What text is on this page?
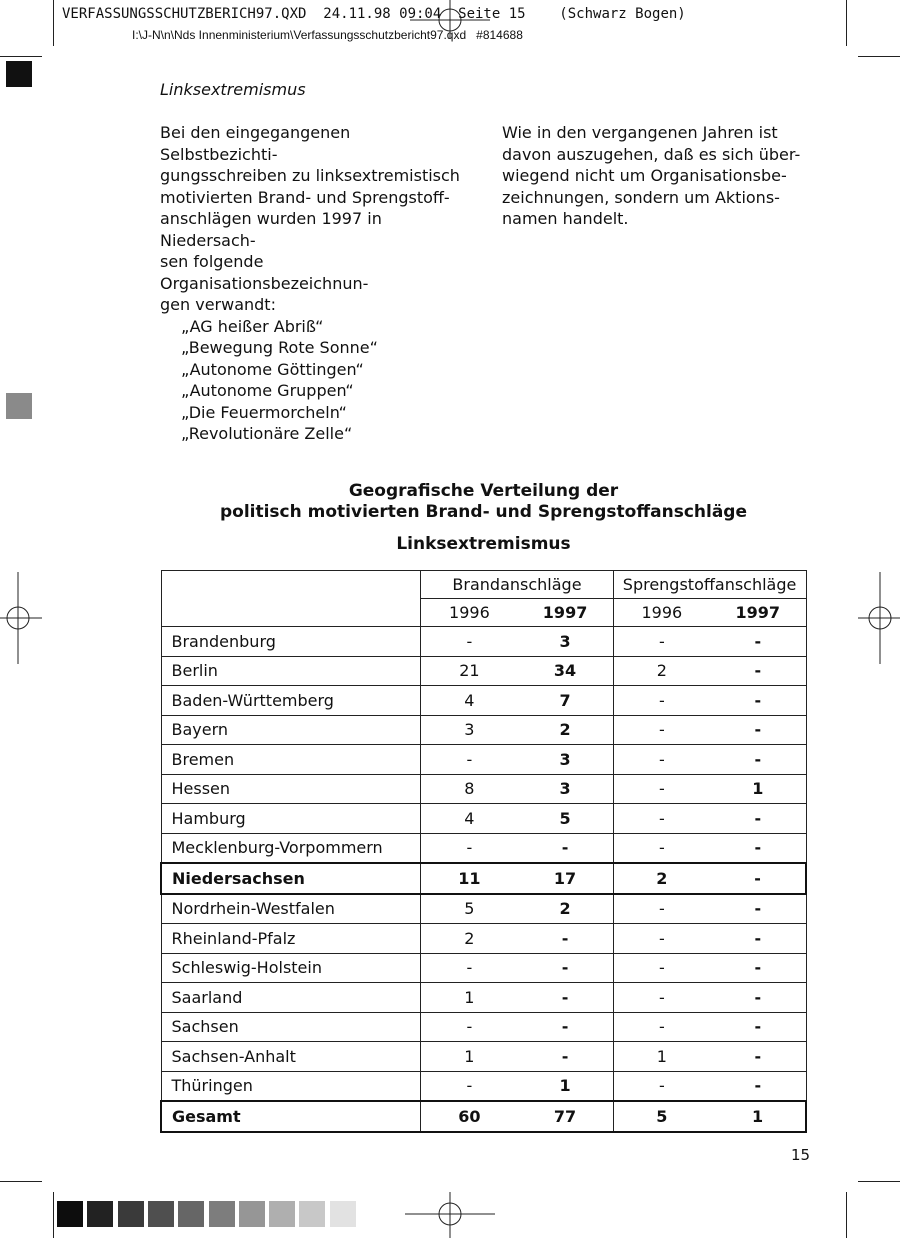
VERFASSUNGSSCHUTZBERICH97.QXD  24.11.98 09:04  Seite 15    (Schwarz Bogen)
I:\J-N\n\Nds Innenministerium\Verfassungsschutzbericht97.qxd   #814688
Linksextremismus

Bei den eingegangenen Selbstbezichti-

gungsschreiben zu linksextremistisch

motivierten Brand- und Sprengstoff-

anschlägen wurden 1997 in Niedersach-

sen folgende Organisationsbezeichnun-

gen verwandt:

„AG heißer Abriß“
„Bewegung Rote Sonne“
„Autonome Göttingen“
„Autonome Gruppen“
„Die Feuermorcheln“
„Revolutionäre Zelle“

Wie in den vergangenen Jahren ist

davon auszugehen, daß es sich über-

wiegend nicht um Organisationsbe-

zeichnungen, sondern um Aktions-

namen handelt.

Geografische Verteilung der
politisch motivierten Brand- und Sprengstoffanschläge
Linksextremismus
	Brandanschläge		Sprengstoffanschläge	
	1996	1997	1996	1997
Brandenburg	-	3	-	-
Berlin	21	34	2	-
Baden-Württemberg	4	7	-	-
Bayern	3	2	-	-
Bremen	-	3	-	-
Hessen	8	3	-	1
Hamburg	4	5	-	-
Mecklenburg-Vorpommern	-	-	-	-
Niedersachsen	11	17	2	-
Nordrhein-Westfalen	5	2	-	-
Rheinland-Pfalz	2	-	-	-
Schleswig-Holstein	-	-	-	-
Saarland	1	-	-	-
Sachsen	-	-	-	-
Sachsen-Anhalt	1	-	1	-
Thüringen	-	1	-	-
Gesamt	60	77	5	1
15
